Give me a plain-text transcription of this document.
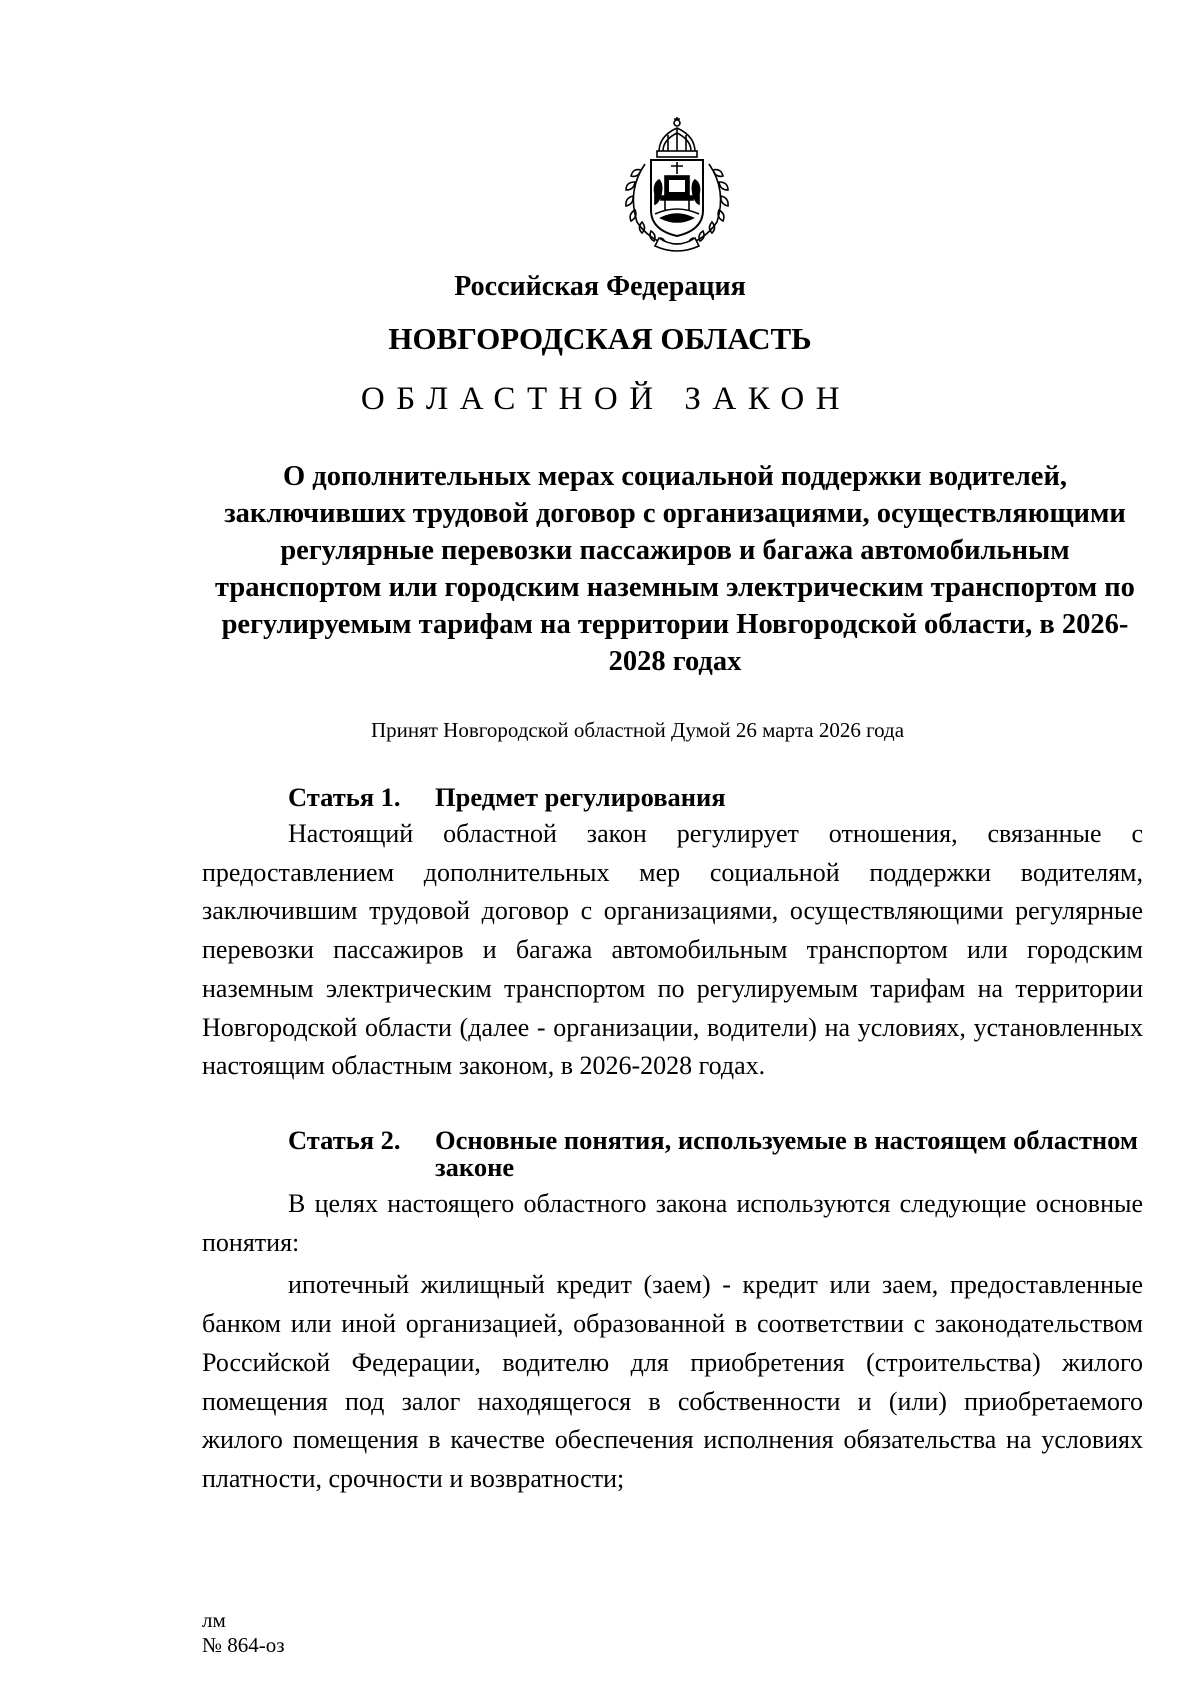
Российская Федерация
НОВГОРОДСКАЯ ОБЛАСТЬ
ОБЛАСТНОЙ ЗАКОН
О дополнительных мерах социальной поддержки водителей, заключивших трудовой договор с организациями, осуществляющими регулярные перевозки пассажиров и багажа автомобильным транспортом или городским наземным электрическим транспортом по регулируемым тарифам на территории Новгородской области, в 2026-2028 годах
Принят Новгородской областной Думой 26 марта 2026 года
Статья 1.	Предмет регулирования

Настоящий областной закон регулирует отношения, связанные с предоставлением дополнительных мер социальной поддержки водителям, заключившим трудовой договор с организациями, осуществляющими регулярные перевозки пассажиров и багажа автомобильным транспортом или городским наземным электрическим транспортом по регулируемым тарифам на территории Новгородской области (далее - организации, водители) на условиях, установленных настоящим областным законом, в 2026-2028 годах.

Статья 2.	Основные понятия, используемые в настоящем областном законе

В целях настоящего областного закона используются следующие основные понятия:

ипотечный жилищный кредит (заем) - кредит или заем, предоставленные банком или иной организацией, образованной в соответствии с законодательством Российской Федерации, водителю для приобретения (строительства) жилого помещения под залог находящегося в собственности и (или) приобретаемого жилого помещения в качестве обеспечения исполнения обязательства на условиях платности, срочности и возвратности;

лм
№ 864-оз
